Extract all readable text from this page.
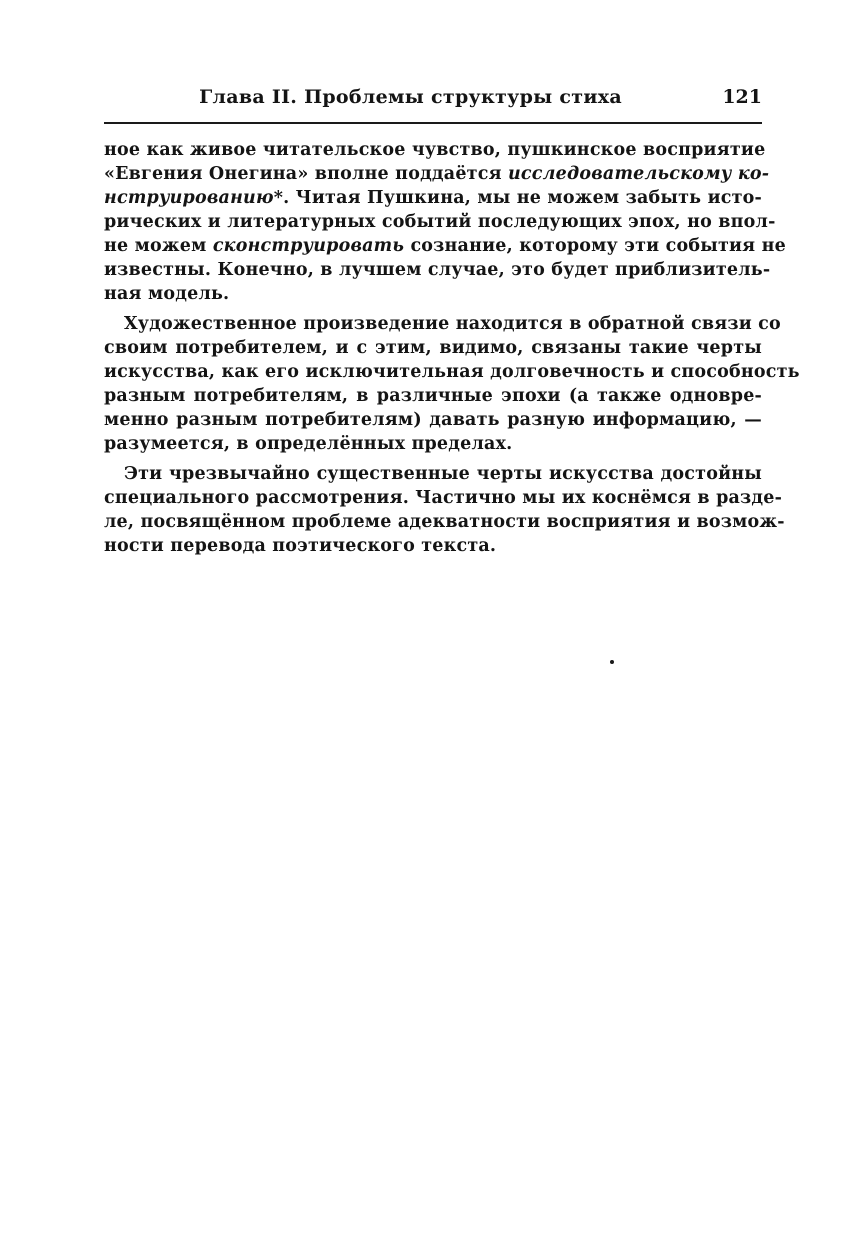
Глава II. Проблемы структуры стиха	121

ное как живое читательское чувство, пушкинское восприятие
«Евгения Онегина» вполне поддаётся исследовательскому ко-
нструированию*. Читая Пушкина, мы не можем забыть исто-
рических и литературных событий последующих эпох, но впол-
не можем сконструировать сознание, которому эти события не
известны. Конечно, в лучшем случае, это будет приблизитель-
ная модель.

Художественное произведение находится в обратной связи со
своим потребителем, и с этим, видимо, связаны такие черты
искусства, как его исключительная долговечность и способность
разным потребителям, в различные эпохи (а также одновре-
менно разным потребителям) давать разную информацию, —
разумеется, в определённых пределах.

Эти чрезвычайно существенные черты искусства достойны
специального рассмотрения. Частично мы их коснёмся в разде-
ле, посвящённом проблеме адекватности восприятия и возмож-
ности перевода поэтического текста.
